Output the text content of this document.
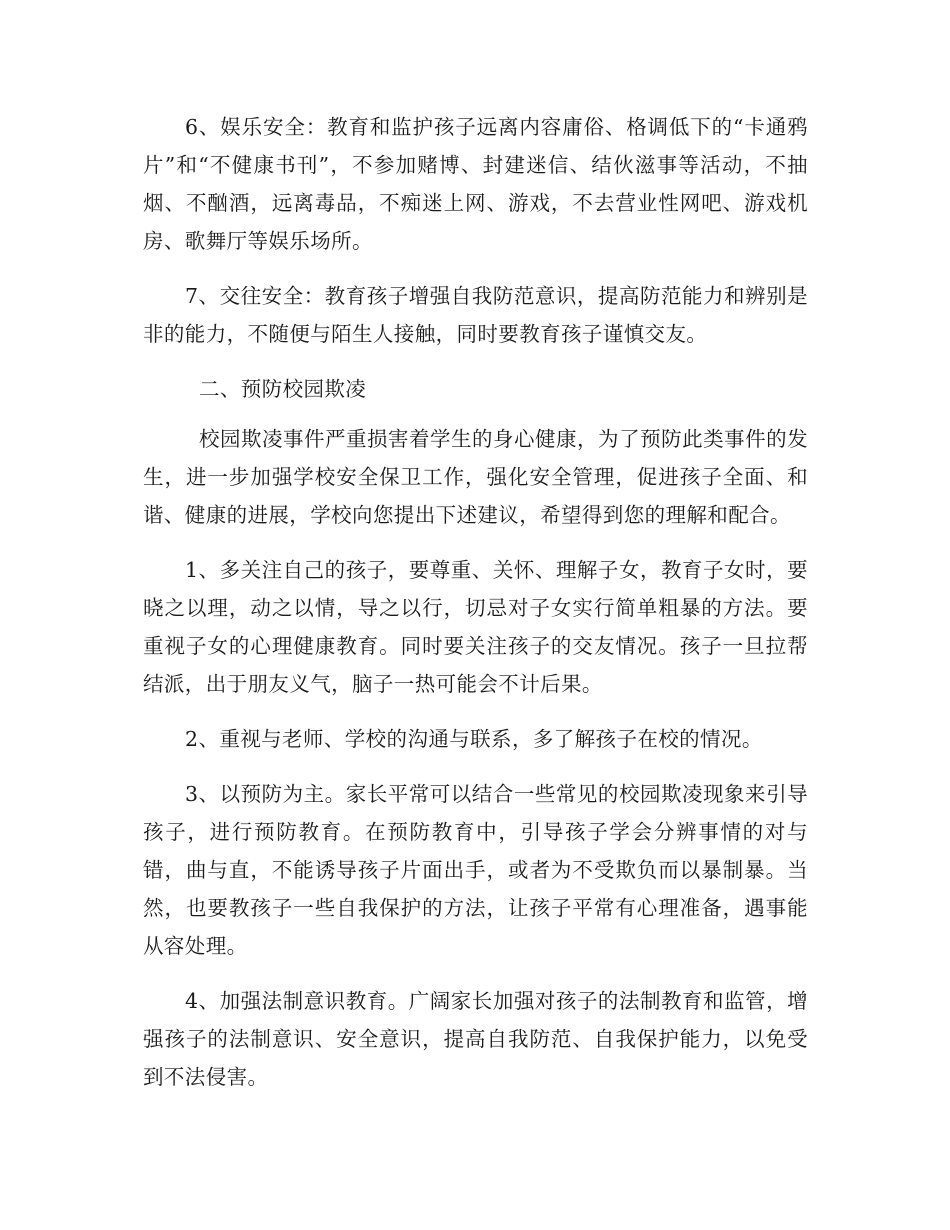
6、娱乐安全：教育和监护孩子远离内容庸俗、格调低下的“卡通鸦片”和“不健康书刊”，不参加赌博、封建迷信、结伙滋事等活动，不抽烟、不酗酒，远离毒品，不痴迷上网、游戏，不去营业性网吧、游戏机房、歌舞厅等娱乐场所。

7、交往安全：教育孩子增强自我防范意识，提高防范能力和辨别是非的能力，不随便与陌生人接触，同时要教育孩子谨慎交友。

二、预防校园欺凌

校园欺凌事件严重损害着学生的身心健康，为了预防此类事件的发生，进一步加强学校安全保卫工作，强化安全管理，促进孩子全面、和谐、健康的进展，学校向您提出下述建议，希望得到您的理解和配合。

1、多关注自己的孩子，要尊重、关怀、理解子女，教育子女时，要晓之以理，动之以情，导之以行，切忌对子女实行简单粗暴的方法。要重视子女的心理健康教育。同时要关注孩子的交友情况。孩子一旦拉帮结派，出于朋友义气，脑子一热可能会不计后果。

2、重视与老师、学校的沟通与联系，多了解孩子在校的情况。

3、以预防为主。家长平常可以结合一些常见的校园欺凌现象来引导孩子，进行预防教育。在预防教育中，引导孩子学会分辨事情的对与错，曲与直，不能诱导孩子片面出手，或者为不受欺负而以暴制暴。当然，也要教孩子一些自我保护的方法，让孩子平常有心理准备，遇事能从容处理。

4、加强法制意识教育。广阔家长加强对孩子的法制教育和监管，增强孩子的法制意识、安全意识，提高自我防范、自我保护能力，以免受到不法侵害。
